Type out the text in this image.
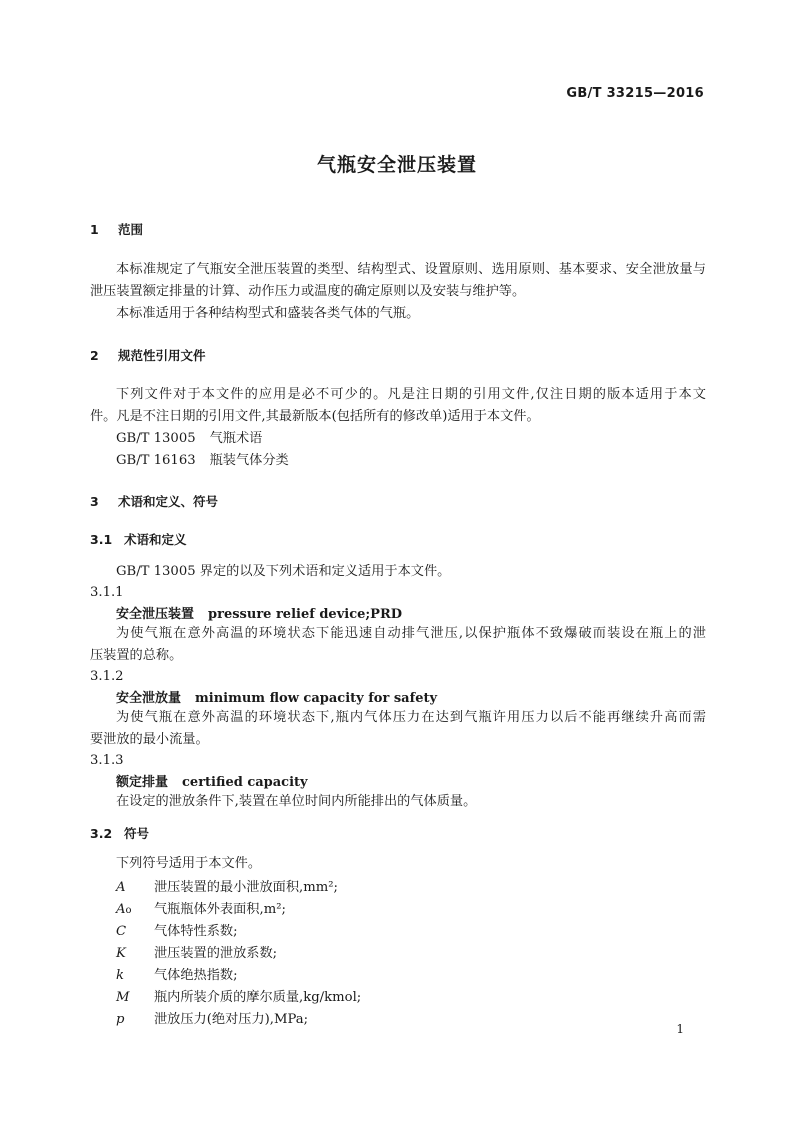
GB/T 33215—2016
气瓶安全泄压装置
1 范围
本标准规定了气瓶安全泄压装置的类型、结构型式、设置原则、选用原则、基本要求、安全泄放量与
泄压装置额定排量的计算、动作压力或温度的确定原则以及安装与维护等。
本标准适用于各种结构型式和盛装各类气体的气瓶。
2 规范性引用文件
下列文件对于本文件的应用是必不可少的。凡是注日期的引用文件,仅注日期的版本适用于本文
件。凡是不注日期的引用文件,其最新版本(包括所有的修改单)适用于本文件。
GB/T 13005 气瓶术语
GB/T 16163 瓶装气体分类
3 术语和定义、符号
3.1 术语和定义
GB/T 13005 界定的以及下列术语和定义适用于本文件。
3.1.1
安全泄压装置 pressure relief device;PRD
为使气瓶在意外高温的环境状态下能迅速自动排气泄压,以保护瓶体不致爆破而装设在瓶上的泄
压装置的总称。
3.1.2
安全泄放量 minimum flow capacity for safety
为使气瓶在意外高温的环境状态下,瓶内气体压力在达到气瓶许用压力以后不能再继续升高而需
要泄放的最小流量。
3.1.3
额定排量 certified capacity
在设定的泄放条件下,装置在单位时间内所能排出的气体质量。
3.2 符号
下列符号适用于本文件。
A 泄压装置的最小泄放面积,mm²;
Ao 气瓶瓶体外表面积,m²;
C 气体特性系数;
K 泄压装置的泄放系数;
k 气体绝热指数;
M 瓶内所装介质的摩尔质量,kg/kmol;
p 泄放压力(绝对压力),MPa;
1
